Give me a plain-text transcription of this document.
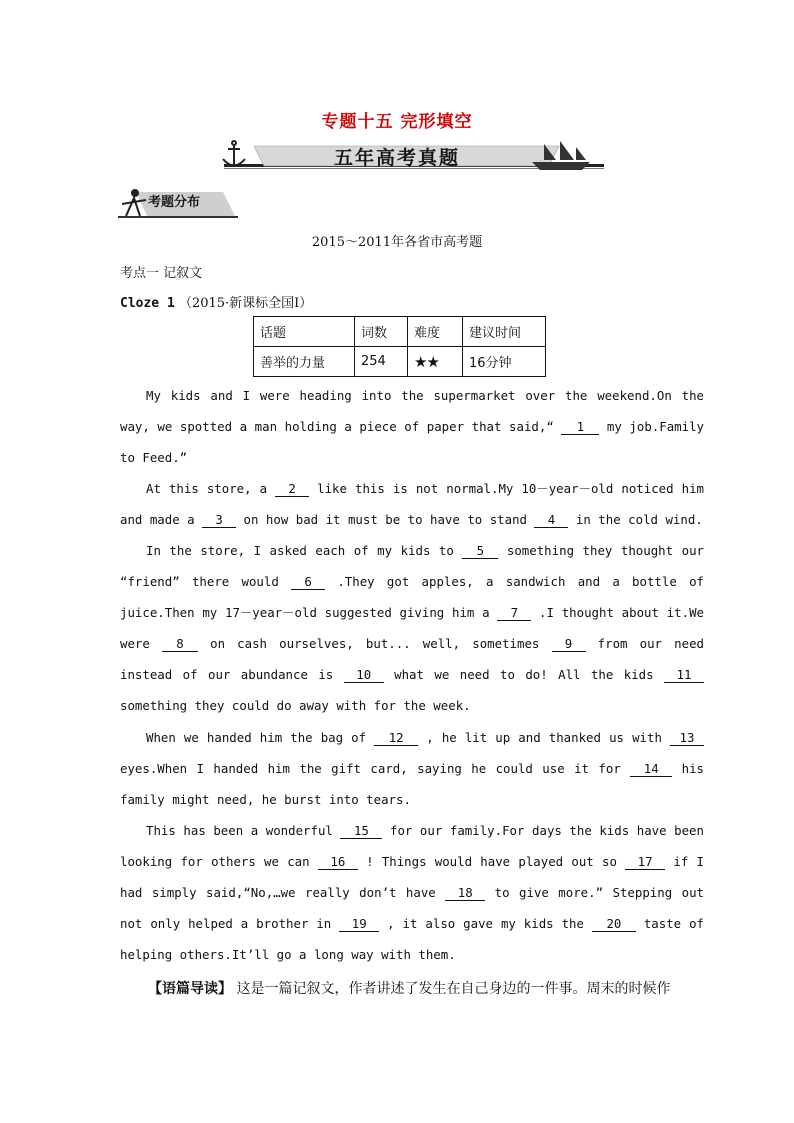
专题十五 完形填空
五年高考真题
考题分布
2015～2011年各省市高考题
考点一 记叙文
Cloze 1 （2015·新课标全国Ⅰ）
话题	词数	难度	建议时间
善举的力量	254	★★	16分钟
My kids and I were heading into the supermarket over the weekend.On the way, we spotted a man holding a piece of paper that said,“ 1 my job.Family to Feed.”
At this store, a 2 like this is not normal.My 10－year－old noticed him and made a 3 on how bad it must be to have to stand 4 in the cold wind.
In the store, I asked each of my kids to 5 something they thought our “friend” there would 6 .They got apples, a sandwich and a bottle of juice.Then my 17－year－old suggested giving him a 7 .I thought about it.We were 8 on cash ourselves, but... well, sometimes 9 from our need instead of our abundance is 10 what we need to do! All the kids 11 something they could do away with for the week.
When we handed him the bag of 12 , he lit up and thanked us with 13 eyes.When I handed him the gift card, saying he could use it for 14 his family might need, he burst into tears.
This has been a wonderful 15 for our family.For days the kids have been looking for others we can 16 ! Things would have played out so 17 if I had simply said,“No,…we really don’t have 18 to give more.” Stepping out not only helped a brother in 19 , it also gave my kids the 20 taste of helping others.It’ll go a long way with them.
【语篇导读】 这是一篇记叙文，作者讲述了发生在自己身边的一件事。周末的时候作
